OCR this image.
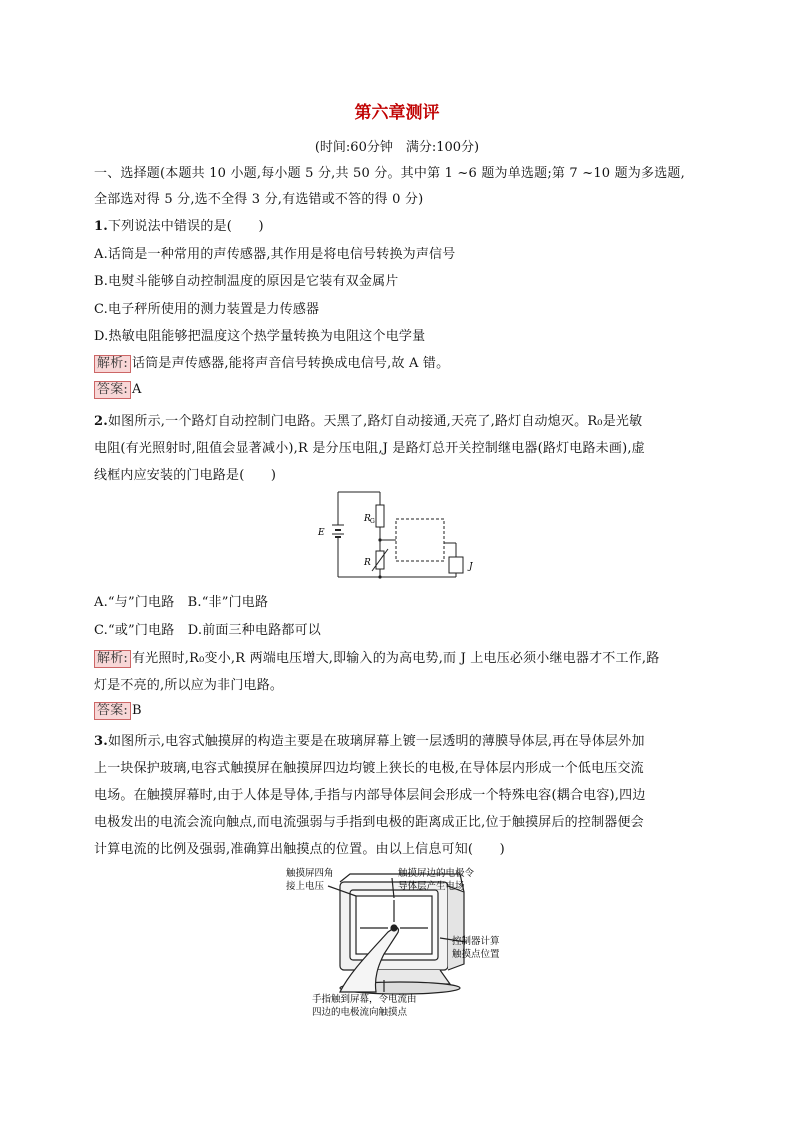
第六章测评
(时间:60分钟　满分:100分)
一、选择题(本题共 10 小题,每小题 5 分,共 50 分。其中第 1 ~6 题为单选题;第 7 ~10 题为多选题,
全部选对得 5 分,选不全得 3 分,有选错或不答的得 0 分)
1.下列说法中错误的是(　　)
A.话筒是一种常用的声传感器,其作用是将电信号转换为声信号
B.电熨斗能够自动控制温度的原因是它装有双金属片
C.电子秤所使用的测力装置是力传感器
D.热敏电阻能够把温度这个热学量转换为电阻这个电学量
解析: 话筒是声传感器,能将声音信号转换成电信号,故 A 错。
答案: A
2.如图所示,一个路灯自动控制门电路。天黑了,路灯自动接通,天亮了,路灯自动熄灭。R₀是光敏
电阻(有光照射时,阻值会显著减小),R 是分压电阻,J 是路灯总开关控制继电器(路灯电路未画),虚
线框内应安装的门电路是(　　)
E
R G
R	J
A.“与”门电路　B.“非”门电路
C.“或”门电路　D.前面三种电路都可以
解析: 有光照时,R₀变小,R 两端电压增大,即输入的为高电势,而 J 上电压必须小继电器才不工作,路
灯是不亮的,所以应为非门电路。
答案: B
3.如图所示,电容式触摸屏的构造主要是在玻璃屏幕上镀一层透明的薄膜导体层,再在导体层外加
上一块保护玻璃,电容式触摸屏在触摸屏四边均镀上狭长的电极,在导体层内形成一个低电压交流
电场。在触摸屏幕时,由于人体是导体,手指与内部导体层间会形成一个特殊电容(耦合电容),四边
电极发出的电流会流向触点,而电流强弱与手指到电极的距离成正比,位于触摸屏后的控制器便会
计算电流的比例及强弱,准确算出触摸点的位置。由以上信息可知(　　)
触摸屏四角
接上电压
触摸屏边的电极令
导体层产生电场
控制器计算
触摸点位置
手指触到屏幕，令电流由
四边的电极流向触摸点
